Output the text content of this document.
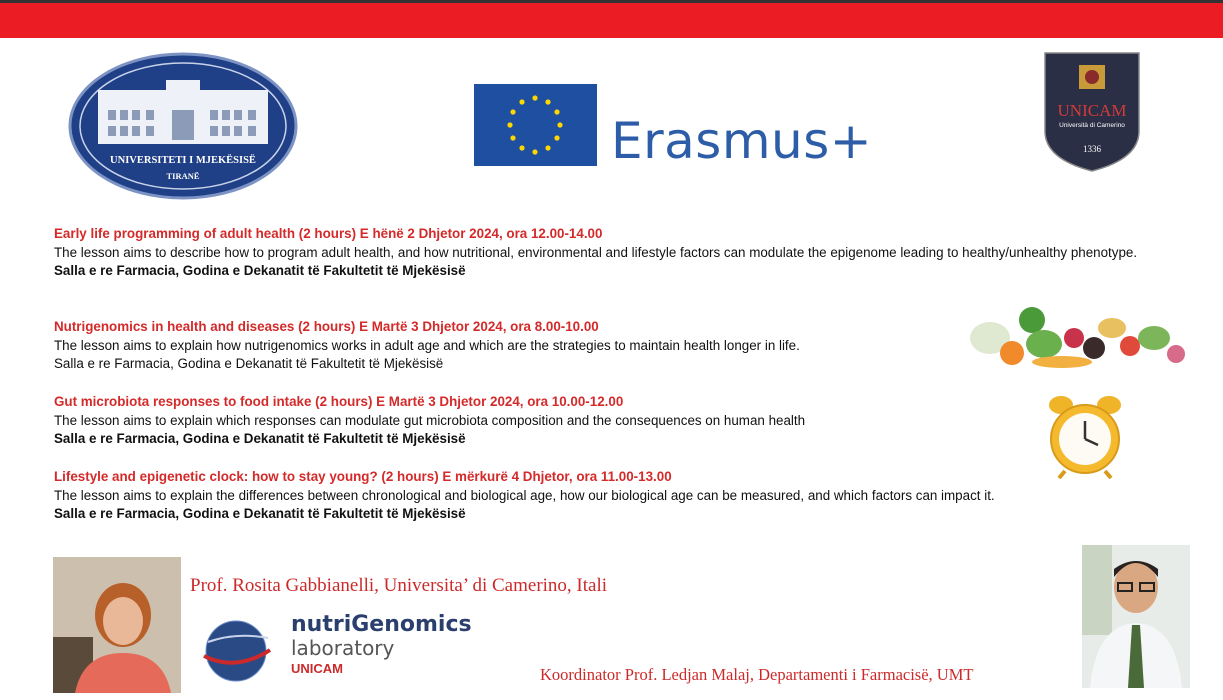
UNIVERSITETI I MJEKËSISË
TIRANË
Erasmus+
UNICAM
Università di Camerino
1336
Early life programming of adult health (2 hours) E hënë 2 Dhjetor 2024, ora 12.00-14.00
The lesson aims to describe how to program adult health, and how nutritional, environmental and lifestyle factors can modulate the epigenome leading to healthy/unhealthy phenotype.
Salla e re Farmacia, Godina e Dekanatit të Fakultetit të Mjekësisë
Nutrigenomics in health and diseases (2 hours) E Martë 3 Dhjetor 2024, ora 8.00-10.00
The lesson aims to explain how nutrigenomics works in adult age and which are the strategies to maintain health longer in life.
Salla e re Farmacia, Godina e Dekanatit të Fakultetit të Mjekësisë
Gut microbiota responses to food intake (2 hours) E Martë 3 Dhjetor 2024, ora 10.00-12.00
The lesson aims to explain which responses can modulate gut microbiota composition and the consequences on human health
Salla e re Farmacia, Godina e Dekanatit të Fakultetit të Mjekësisë
Lifestyle and epigenetic clock: how to stay young? (2 hours) E mërkurë 4 Dhjetor, ora 11.00-13.00
The lesson aims to explain the differences between chronological and biological age, how our biological age can be measured, and which factors can impact it.
Salla e re Farmacia, Godina e Dekanatit të Fakultetit të Mjekësisë
Prof. Rosita Gabbianelli, Universita’ di Camerino, Itali
nutriGenomics
laboratory
UNICAM	Koordinator Prof. Ledjan Malaj, Departamenti i Farmacisë, UMT
